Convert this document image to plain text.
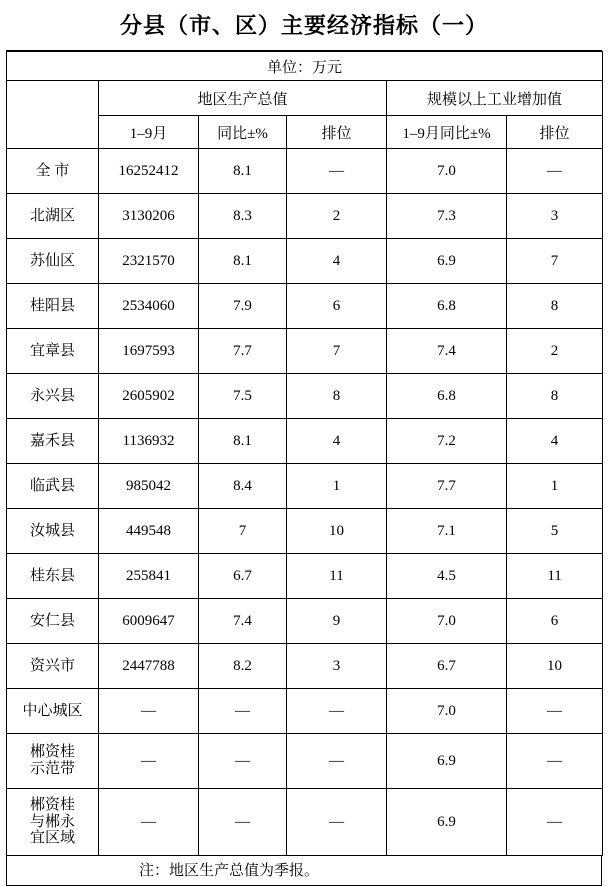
分县（市、区）主要经济指标（一）
单位：万元					
	地区生产总值			规模以上工业增加值	
	1–9月	同比±%	排位	1–9月同比±%	排位

全 市	16252412	8.1	—	7.0	—

北湖区	3130206	8.3	2	7.3	3

苏仙区	2321570	8.1	4	6.9	7

桂阳县	2534060	7.9	6	6.8	8

宜章县	1697593	7.7	7	7.4	2

永兴县	2605902	7.5	8	6.8	8

嘉禾县	1136932	8.1	4	7.2	4

临武县	985042	8.4	1	7.7	1

汝城县	449548	7	10	7.1	5

桂东县	255841	6.7	11	4.5	11

安仁县	6009647	7.4	9	7.0	6

资兴市	2447788	8.2	3	6.7	10

中心城区	—	—	—	7.0	—

郴资桂
示范带	—	—	—	6.9	—

郴资桂
与郴永
宜区域	—	—	—	6.9	—
注：地区生产总值为季报。
